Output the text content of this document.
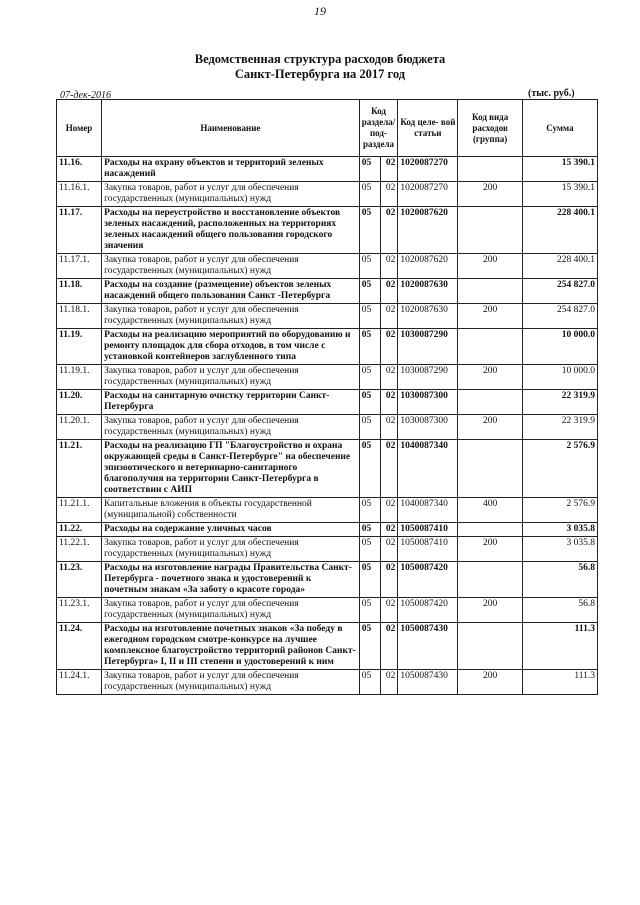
19
Ведомственная структура расходов бюджета
Санкт-Петербурга на 2017 год
07-дек-2016	(тыс. руб.)
Номер	Наименование	Код раздела/ под- раздела		Код целе- вой статьи	Код вида расходов (группа)	Сумма
11.16.	Расходы на охрану объектов и территорий зеленых насаждений	05	02	1020087270		15 390.1
11.16.1.	Закупка товаров, работ и услуг для обеспечения государственных (муниципальных) нужд	05	02	1020087270	200	15 390.1
11.17.	Расходы на переустройство и восстановление объектов зеленых насаждений, расположенных на территориях зеленых насаждений общего пользования городского значения	05	02	1020087620		228 400.1
11.17.1.	Закупка товаров, работ и услуг для обеспечения государственных (муниципальных) нужд	05	02	1020087620	200	228 400.1
11.18.	Расходы на создание (размещение) объектов зеленых насаждений общего пользования Санкт -Петербурга	05	02	1020087630		254 827.0
11.18.1.	Закупка товаров, работ и услуг для обеспечения государственных (муниципальных) нужд	05	02	1020087630	200	254 827.0
11.19.	Расходы на реализацию мероприятий по оборудованию и ремонту площадок для сбора отходов, в том числе с установкой контейнеров заглубленного типа	05	02	1030087290		10 000.0
11.19.1.	Закупка товаров, работ и услуг для обеспечения государственных (муниципальных) нужд	05	02	1030087290	200	10 000.0
11.20.	Расходы на санитарную очистку территории Санкт-Петербурга	05	02	1030087300		22 319.9
11.20.1.	Закупка товаров, работ и услуг для обеспечения государственных (муниципальных) нужд	05	02	1030087300	200	22 319.9
11.21.	Расходы на реализацию ГП "Благоустройство и охрана окружающей среды в Санкт-Петербурге" на обеспечение эпизоотического и ветеринарно-санитарного благополучия на территории Санкт-Петербурга в соответствии с АИП	05	02	1040087340		2 576.9
11.21.1.	Капитальные вложения в объекты государственной (муниципальной) собственности	05	02	1040087340	400	2 576.9
11.22.	Расходы на содержание уличных часов	05	02	1050087410		3 035.8
11.22.1.	Закупка товаров, работ и услуг для обеспечения государственных (муниципальных) нужд	05	02	1050087410	200	3 035.8
11.23.	Расходы на изготовление награды Правительства Санкт-Петербурга - почетного знака и удостоверений к почетным знакам «За заботу о красоте города»	05	02	1050087420		56.8
11.23.1.	Закупка товаров, работ и услуг для обеспечения государственных (муниципальных) нужд	05	02	1050087420	200	56.8
11.24.	Расходы на изготовление почетных знаков «За победу в ежегодном городском смотре-конкурсе на лучшее комплексное благоустройство территорий районов Санкт-Петербурга» I, II и III степени и удостоверений к ним	05	02	1050087430		111.3
11.24.1.	Закупка товаров, работ и услуг для обеспечения государственных (муниципальных) нужд	05	02	1050087430	200	111.3
